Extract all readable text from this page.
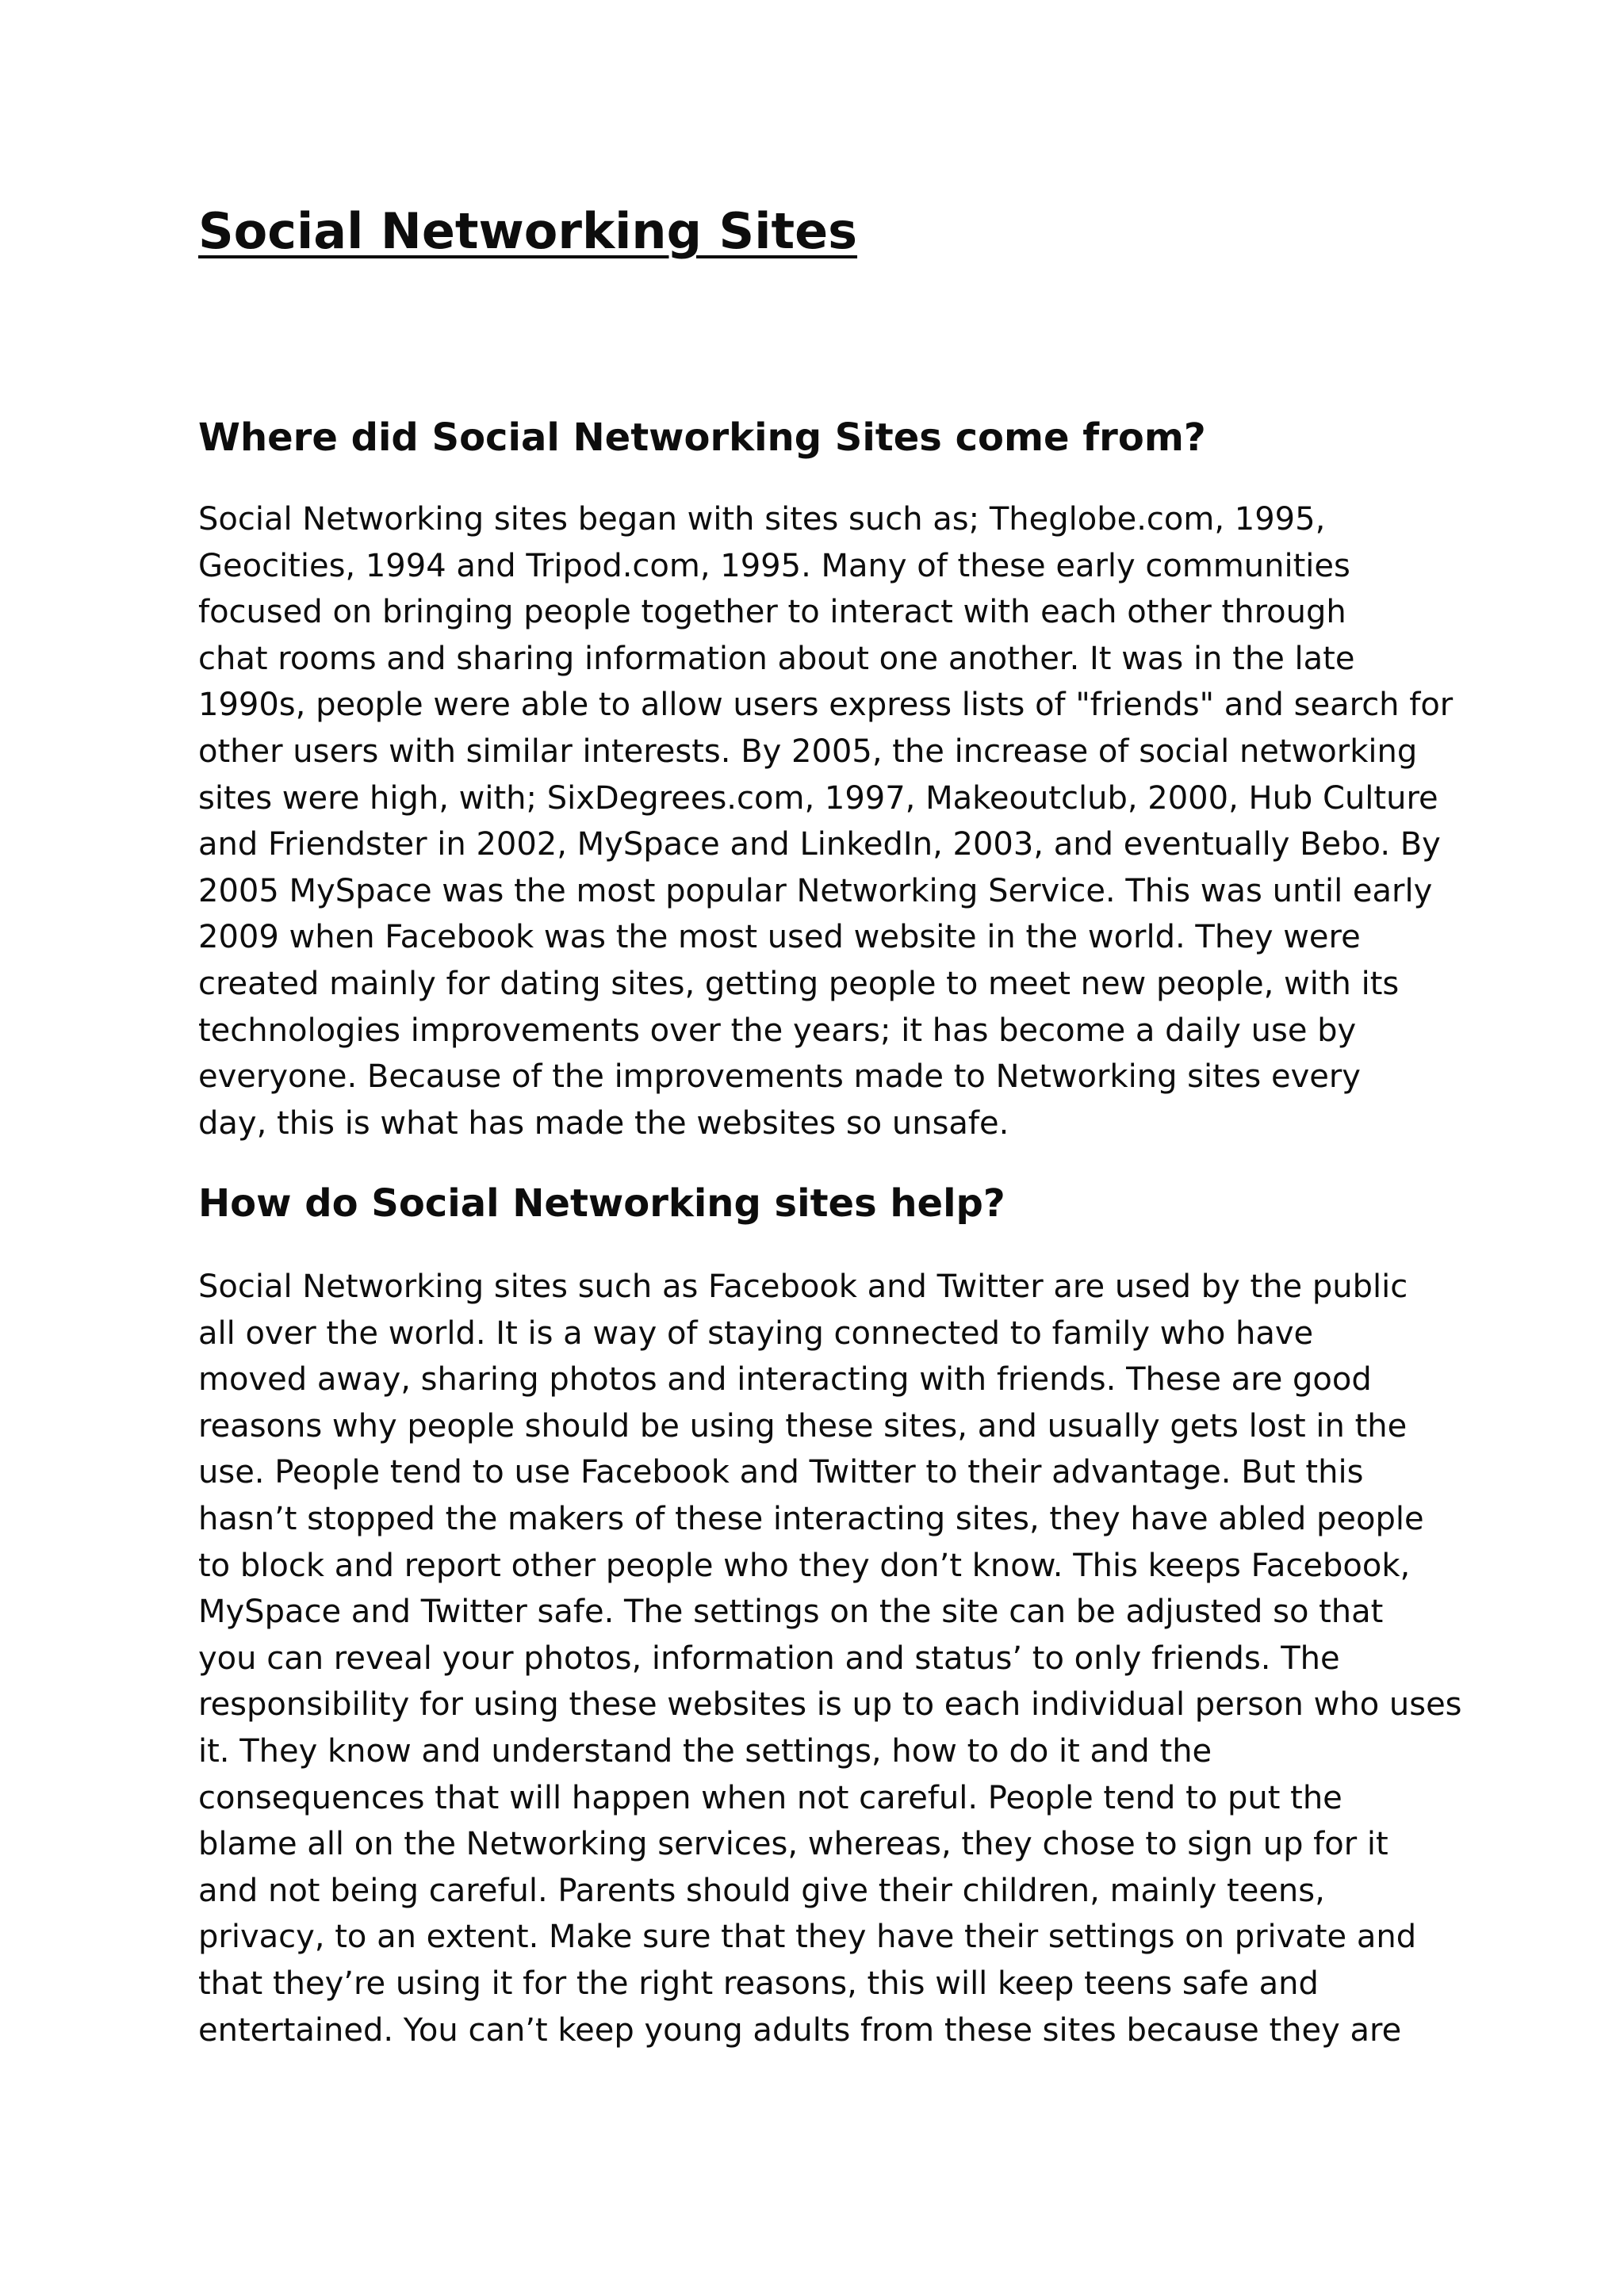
Social Networking Sites
Where did Social Networking Sites come from?
Social Networking sites began with sites such as; Theglobe.com, 1995,
Geocities, 1994 and Tripod.com, 1995. Many of these early communities
focused on bringing people together to interact with each other through
chat rooms and sharing information about one another. It was in the late
1990s, people were able to allow users express lists of "friends" and search for
other users with similar interests. By 2005, the increase of social networking
sites were high, with; SixDegrees.com, 1997, Makeoutclub, 2000, Hub Culture
and Friendster in 2002, MySpace and LinkedIn, 2003, and eventually Bebo. By
2005 MySpace was the most popular Networking Service. This was until early
2009 when Facebook was the most used website in the world. They were
created mainly for dating sites, getting people to meet new people, with its
technologies improvements over the years; it has become a daily use by
everyone. Because of the improvements made to Networking sites every
day, this is what has made the websites so unsafe.
How do Social Networking sites help?
Social Networking sites such as Facebook and Twitter are used by the public
all over the world. It is a way of staying connected to family who have
moved away, sharing photos and interacting with friends. These are good
reasons why people should be using these sites, and usually gets lost in the
use. People tend to use Facebook and Twitter to their advantage. But this
hasn’t stopped the makers of these interacting sites, they have abled people
to block and report other people who they don’t know. This keeps Facebook,
MySpace and Twitter safe. The settings on the site can be adjusted so that
you can reveal your photos, information and status’ to only friends. The
responsibility for using these websites is up to each individual person who uses
it. They know and understand the settings, how to do it and the
consequences that will happen when not careful. People tend to put the
blame all on the Networking services, whereas, they chose to sign up for it
and not being careful. Parents should give their children, mainly teens,
privacy, to an extent. Make sure that they have their settings on private and
that they’re using it for the right reasons, this will keep teens safe and
entertained. You can’t keep young adults from these sites because they are
